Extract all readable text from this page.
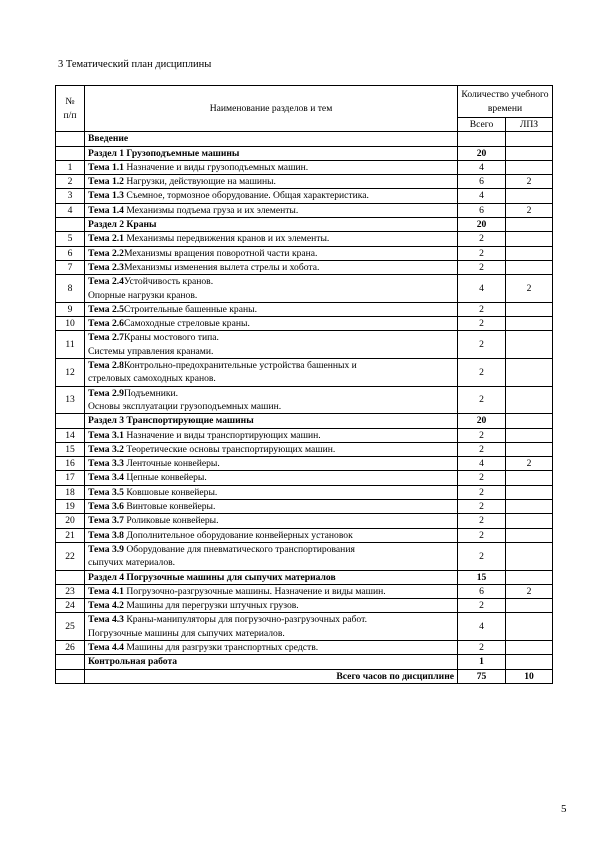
3 Тематический план дисциплины
№ п/п	Наименование разделов и тем	Количество учебного времени	
		Всего	ЛПЗ
	Введение		
	Раздел 1 Грузоподъемные машины	20	
1	Тема 1.1 Назначение и виды грузоподъемных машин.	4	
2	Тема 1.2 Нагрузки, действующие на машины.	6	2
3	Тема 1.3 Съемное, тормозное оборудование. Общая характеристика.	4	
4	Тема 1.4 Механизмы подъема груза и их элементы.	6	2
	Раздел 2 Краны	20	
5	Тема 2.1 Механизмы передвижения кранов и их элементы.	2	
6	Тема 2.2Механизмы вращения поворотной части крана.	2	
7	Тема 2.3Механизмы изменения вылета стрелы и хобота.	2	
8	Тема 2.4Устойчивость кранов.
Опорные нагрузки кранов.	4	2
9	Тема 2.5Строительные башенные краны.	2	
10	Тема 2.6Самоходные стреловые краны.	2	
11	Тема 2.7Краны мостового типа.
Системы управления кранами.	2	
12	Тема 2.8Контрольно-предохранительные устройства башенных и
стреловых самоходных кранов.	2	
13	Тема 2.9Подъемники.
Основы эксплуатации грузоподъемных машин.	2	
	Раздел 3 Транспортирующие машины	20	
14	Тема 3.1 Назначение и виды транспортирующих машин.	2	
15	Тема 3.2 Теоретические основы транспортирующих машин.	2	
16	Тема 3.3 Ленточные конвейеры.	4	2
17	Тема 3.4 Цепные конвейеры.	2	
18	Тема 3.5 Ковшовые конвейеры.	2	
19	Тема 3.6 Винтовые конвейеры.	2	
20	Тема 3.7 Роликовые конвейеры.	2	
21	Тема 3.8 Дополнительное оборудование конвейерных установок	2	
22	Тема 3.9 Оборудование для пневматического транспортирования
сыпучих материалов.	2	
	Раздел 4 Погрузочные машины для сыпучих материалов	15	
23	Тема 4.1 Погрузочно-разгрузочные машины. Назначение и виды машин.	6	2
24	Тема 4.2 Машины для перегрузки штучных грузов.	2	
25	Тема 4.3 Краны-манипуляторы для погрузочно-разгрузочных работ.
Погрузочные машины для сыпучих материалов.	4	
26	Тема 4.4 Машины для разгрузки транспортных средств.	2	
	Контрольная работа	1	
	Всего часов по дисциплине	75	10
5
